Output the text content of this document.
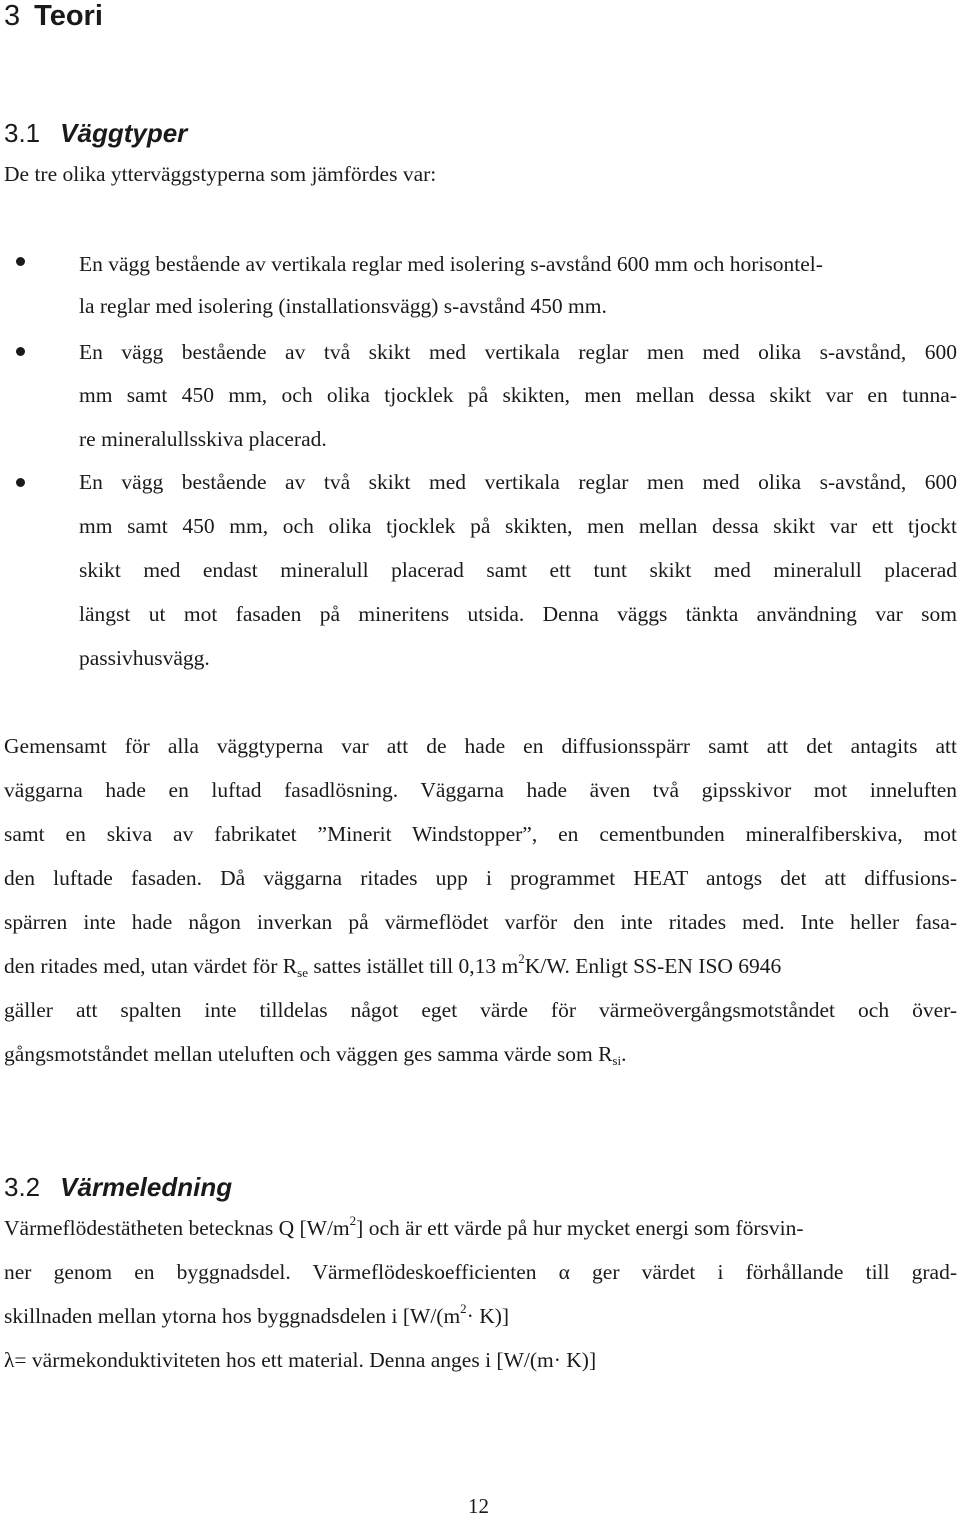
3 Teori
3.1 Väggtyper
De tre olika ytterväggstyperna som jämfördes var:
En vägg bestående av vertikala reglar med isolering s-avstånd 600 mm och horisontel-
la reglar med isolering (installationsvägg) s-avstånd 450 mm.
En vägg bestående av två skikt med vertikala reglar men med olika s-avstånd, 600
mm samt 450 mm, och olika tjocklek på skikten, men mellan dessa skikt var en tunna-
re mineralullsskiva placerad.
En vägg bestående av två skikt med vertikala reglar men med olika s-avstånd, 600
mm samt 450 mm, och olika tjocklek på skikten, men mellan dessa skikt var ett tjockt
skikt med endast mineralull placerad samt ett tunt skikt med mineralull placerad
längst ut mot fasaden på mineritens utsida. Denna väggs tänkta användning var som
passivhusvägg.
Gemensamt för alla väggtyperna var att de hade en diffusionsspärr samt att det antagits att
väggarna hade en luftad fasadlösning. Väggarna hade även två gipsskivor mot inneluften
samt en skiva av fabrikatet ”Minerit Windstopper”, en cementbunden mineralfiberskiva, mot
den luftade fasaden. Då väggarna ritades upp i programmet HEAT antogs det att diffusions-
spärren inte hade någon inverkan på värmeflödet varför den inte ritades med. Inte heller fasa-
den ritades med, utan värdet för $R_{se}$ sattes istället till 0,13 $m^2K/W$. Enligt SS-EN ISO 6946
gäller att spalten inte tilldelas något eget värde för värmeövergångsmotståndet och över-
gångsmotståndet mellan uteluften och väggen ges samma värde som $R_{si}$.
3.2 Värmeledning
Värmeflödestätheten betecknas Q $[W/m^2]$ och är ett värde på hur mycket energi som försvin-
ner genom en byggnadsdel. Värmeflödeskoefficienten α ger värdet i förhållande till grad-
skillnaden mellan ytorna hos byggnadsdelen i $[W/(m^2\cdot K)]$
λ= värmekonduktiviteten hos ett material. Denna anges i [W/(m· K)]
12
